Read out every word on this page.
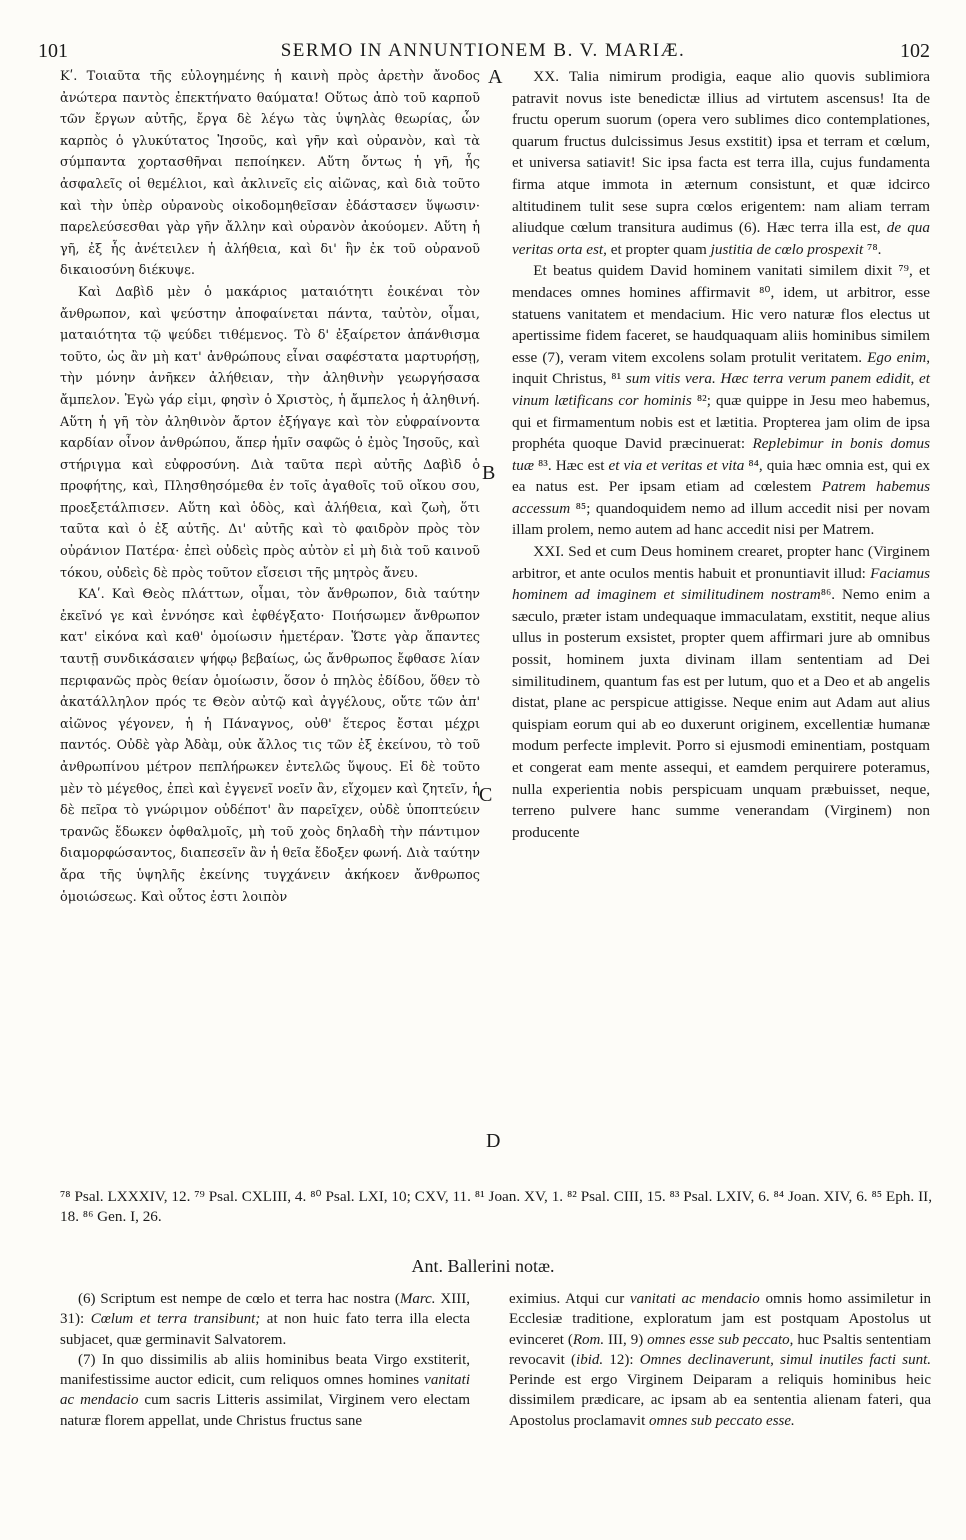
101	SERMO IN ANNUNTIONEM B. V. MARIÆ.	102
A
B
C
D

Κʹ. Τοιαῦτα τῆς εὐλογημένης ἡ καινὴ πρὸς ἀρετὴν ἄνοδος ἀνώτερα παντὸς ἐπεκτήνατο θαύματα! Οὕτως ἀπὸ τοῦ καρποῦ τῶν ἔργων αὐτῆς, ἔργα δὲ λέγω τὰς ὑψηλὰς θεωρίας, ὧν καρπὸς ὁ γλυκύτατος Ἰησοῦς, καὶ γῆν καὶ οὐρανὸν, καὶ τὰ σύμπαντα χορτασθῆναι πεποίηκεν. Αὕτη ὄντως ἡ γῆ, ἧς ἀσφαλεῖς οἱ θεμέλιοι, καὶ ἀκλινεῖς εἰς αἰῶνας, καὶ διὰ τοῦτο καὶ τὴν ὑπὲρ οὐρανοὺς οἰκοδομηθεῖσαν ἐδάστασεν ὕψωσιν· παρελεύσεσθαι γὰρ γῆν ἄλλην καὶ οὐρανὸν ἀκούομεν. Αὕτη ἡ γῆ, ἐξ ἧς ἀνέτειλεν ἡ ἀλήθεια, καὶ δι' ἣν ἐκ τοῦ οὐρανοῦ δικαιοσύνη διέκυψε.

Καὶ Δαβὶδ μὲν ὁ μακάριος ματαιότητι ἐοικέναι τὸν ἄνθρωπον, καὶ ψεύστην ἀποφαίνεται πάντα, ταὐτὸν, οἶμαι, ματαιότητα τῷ ψεύδει τιθέμενος. Τὸ δ' ἐξαίρετον ἀπάνθισμα τοῦτο, ὡς ἂν μὴ κατ' ἀνθρώπους εἶναι σαφέστατα μαρτυρήσῃ, τὴν μόνην ἀνῆκεν ἀλήθειαν, τὴν ἀληθινὴν γεωργήσασα ἄμπελον. Ἐγὼ γάρ εἰμι, φησὶν ὁ Χριστὸς, ἡ ἄμπελος ἡ ἀληθινή. Αὕτη ἡ γῆ τὸν ἀληθινὸν ἄρτον ἐξήγαγε καὶ τὸν εὐφραίνοντα καρδίαν οἶνον ἀνθρώπου, ἅπερ ἡμῖν σαφῶς ὁ ἐμὸς Ἰησοῦς, καὶ στήριγμα καὶ εὐφροσύνη. Διὰ ταῦτα περὶ αὐτῆς Δαβὶδ ὁ προφήτης, καὶ, Πλησθησόμεθα ἐν τοῖς ἀγαθοῖς τοῦ οἴκου σου, προεξετάλπισεν. Αὕτη καὶ ὁδὸς, καὶ ἀλήθεια, καὶ ζωὴ, ὅτι ταῦτα καὶ ὁ ἐξ αὐτῆς. Δι' αὐτῆς καὶ τὸ φαιδρὸν πρὸς τὸν οὐράνιον Πατέρα· ἐπεὶ οὐδεὶς πρὸς αὐτὸν εἰ μὴ διὰ τοῦ καινοῦ τόκου, οὐδεὶς δὲ πρὸς τοῦτον εἴσεισι τῆς μητρὸς ἄνευ.

ΚΑʹ. Καὶ Θεὸς πλάττων, οἶμαι, τὸν ἄνθρωπον, διὰ ταύτην ἐκεῖνό γε καὶ ἐννόησε καὶ ἐφθέγξατο· Ποιήσωμεν ἄνθρωπον κατ' εἰκόνα καὶ καθ' ὁμοίωσιν ἡμετέραν. Ὥστε γὰρ ἅπαντες ταυτῇ συνδικάσαιεν ψήφῳ βεβαίως, ὡς ἄνθρωπος ἔφθασε λίαν περιφανῶς πρὸς θείαν ὁμοίωσιν, ὅσον ὁ πηλὸς ἐδίδου, ὅθεν τὸ ἀκατάλληλον πρός τε Θεὸν αὐτῷ καὶ ἀγγέλους, οὔτε τῶν ἀπ' αἰῶνος γέγονεν, ἡ ἡ Πάναγνος, οὐθ' ἕτερος ἔσται μέχρι παντός. Οὐδὲ γὰρ Ἀδὰμ, οὐκ ἄλλος τις τῶν ἐξ ἐκείνου, τὸ τοῦ ἀνθρωπίνου μέτρον πεπλήρωκεν ἐντελῶς ὕψους. Εἰ δὲ τοῦτο μὲν τὸ μέγεθος, ἐπεὶ καὶ ἐγγενεῖ νοεῖν ἂν, εἴχομεν καὶ ζητεῖν, ἡ δὲ πεῖρα τὸ γνώριμον οὐδέποτ' ἂν παρεῖχεν, οὐδὲ ὑποπτεύειν τρανῶς ἔδωκεν ὀφθαλμοῖς, μὴ τοῦ χοὸς δηλαδὴ τὴν πάντιμον διαμορφώσαντος, διαπεσεῖν ἂν ἡ θεῖα ἔδοξεν φωνή. Διὰ ταύτην ἄρα τῆς ὑψηλῆς ἐκείνης τυγχάνειν ἀκήκοεν ἄνθρωπος ὁμοιώσεως. Καὶ οὗτος ἐστι λοιπὸν

XX. Talia nimirum prodigia, eaque alio quovis sublimiora patravit novus iste benedictæ illius ad virtutem ascensus! Ita de fructu operum suorum (opera vero sublimes dico contemplationes, quarum fructus dulcissimus Jesus exstitit) ipsa et terram et cœlum, et universa satiavit! Sic ipsa facta est terra illa, cujus fundamenta firma atque immota in æternum consistunt, et quæ idcirco altitudinem tulit sese supra cœlos erigentem: nam aliam terram aliudque cœlum transitura audimus (6). Hæc terra illa est, de qua veritas orta est, et propter quam justitia de cœlo prospexit ⁷⁸.

Et beatus quidem David hominem vanitati similem dixit ⁷⁹, et mendaces omnes homines affirmavit ⁸⁰, idem, ut arbitror, esse statuens vanitatem et mendacium. Hic vero naturæ flos electus ut apertissime fidem faceret, se haudquaquam aliis hominibus similem esse (7), veram vitem excolens solam protulit veritatem. Ego enim, inquit Christus, ⁸¹ sum vitis vera. Hæc terra verum panem edidit, et vinum lætificans cor hominis ⁸²; quæ quippe in Jesu meo habemus, qui et firmamentum nobis est et lætitia. Propterea jam olim de ipsa prophéta quoque David præcinuerat: Replebimur in bonis domus tuæ ⁸³. Hæc est et via et veritas et vita ⁸⁴, quia hæc omnia est, qui ex ea natus est. Per ipsam etiam ad cœlestem Patrem habemus accessum ⁸⁵; quandoquidem nemo ad illum accedit nisi per novam illam prolem, nemo autem ad hanc accedit nisi per Matrem.

XXI. Sed et cum Deus hominem crearet, propter hanc (Virginem arbitror, et ante oculos mentis habuit et pronuntiavit illud: Faciamus hominem ad imaginem et similitudinem nostram⁸⁶. Nemo enim a sæculo, præter istam undequaque immaculatam, exstitit, neque alius ullus in posterum exsistet, propter quem affirmari jure ab omnibus possit, hominem juxta divinam illam sententiam ad Dei similitudinem, quantum fas est per lutum, quo et a Deo et ab angelis distat, plane ac perspicue attigisse. Neque enim aut Adam aut alius quispiam eorum qui ab eo duxerunt originem, excellentiæ humanæ modum perfecte implevit. Porro si ejusmodi eminentiam, postquam et congerat eam mente assequi, et eamdem perquirere poteramus, nulla experientia nobis perspicuam unquam præbuisset, neque, terreno pulvere hanc summe venerandam (Virginem) non producente

⁷⁸ Psal. LXXXIV, 12. ⁷⁹ Psal. CXLIII, 4. ⁸⁰ Psal. LXI, 10; CXV, 11. ⁸¹ Joan. XV, 1. ⁸² Psal. CIII, 15. ⁸³ Psal. LXIV, 6. ⁸⁴ Joan. XIV, 6. ⁸⁵ Eph. II, 18. ⁸⁶ Gen. I, 26.
Ant. Ballerini notæ.

(6) Scriptum est nempe de cœlo et terra hac nostra (Marc. XIII, 31): Cœlum et terra transibunt; at non huic fato terra illa electa subjacet, quæ germinavit Salvatorem.

(7) In quo dissimilis ab aliis hominibus beata Virgo exstiterit, manifestissime auctor edicit, cum reliquos omnes homines vanitati ac mendacio cum sacris Litteris assimilat, Virginem vero electam naturæ florem appellat, unde Christus fructus sane

eximius. Atqui cur vanitati ac mendacio omnis homo assimiletur in Ecclesiæ traditione, exploratum jam est postquam Apostolus ut evinceret (Rom. III, 9) omnes esse sub peccato, huc Psaltis sententiam revocavit (ibid. 12): Omnes declinaverunt, simul inutiles facti sunt. Perinde est ergo Virginem Deiparam a reliquis hominibus heic dissimilem prædicare, ac ipsam ab ea sententia alienam fateri, qua Apostolus proclamavit omnes sub peccato esse.
